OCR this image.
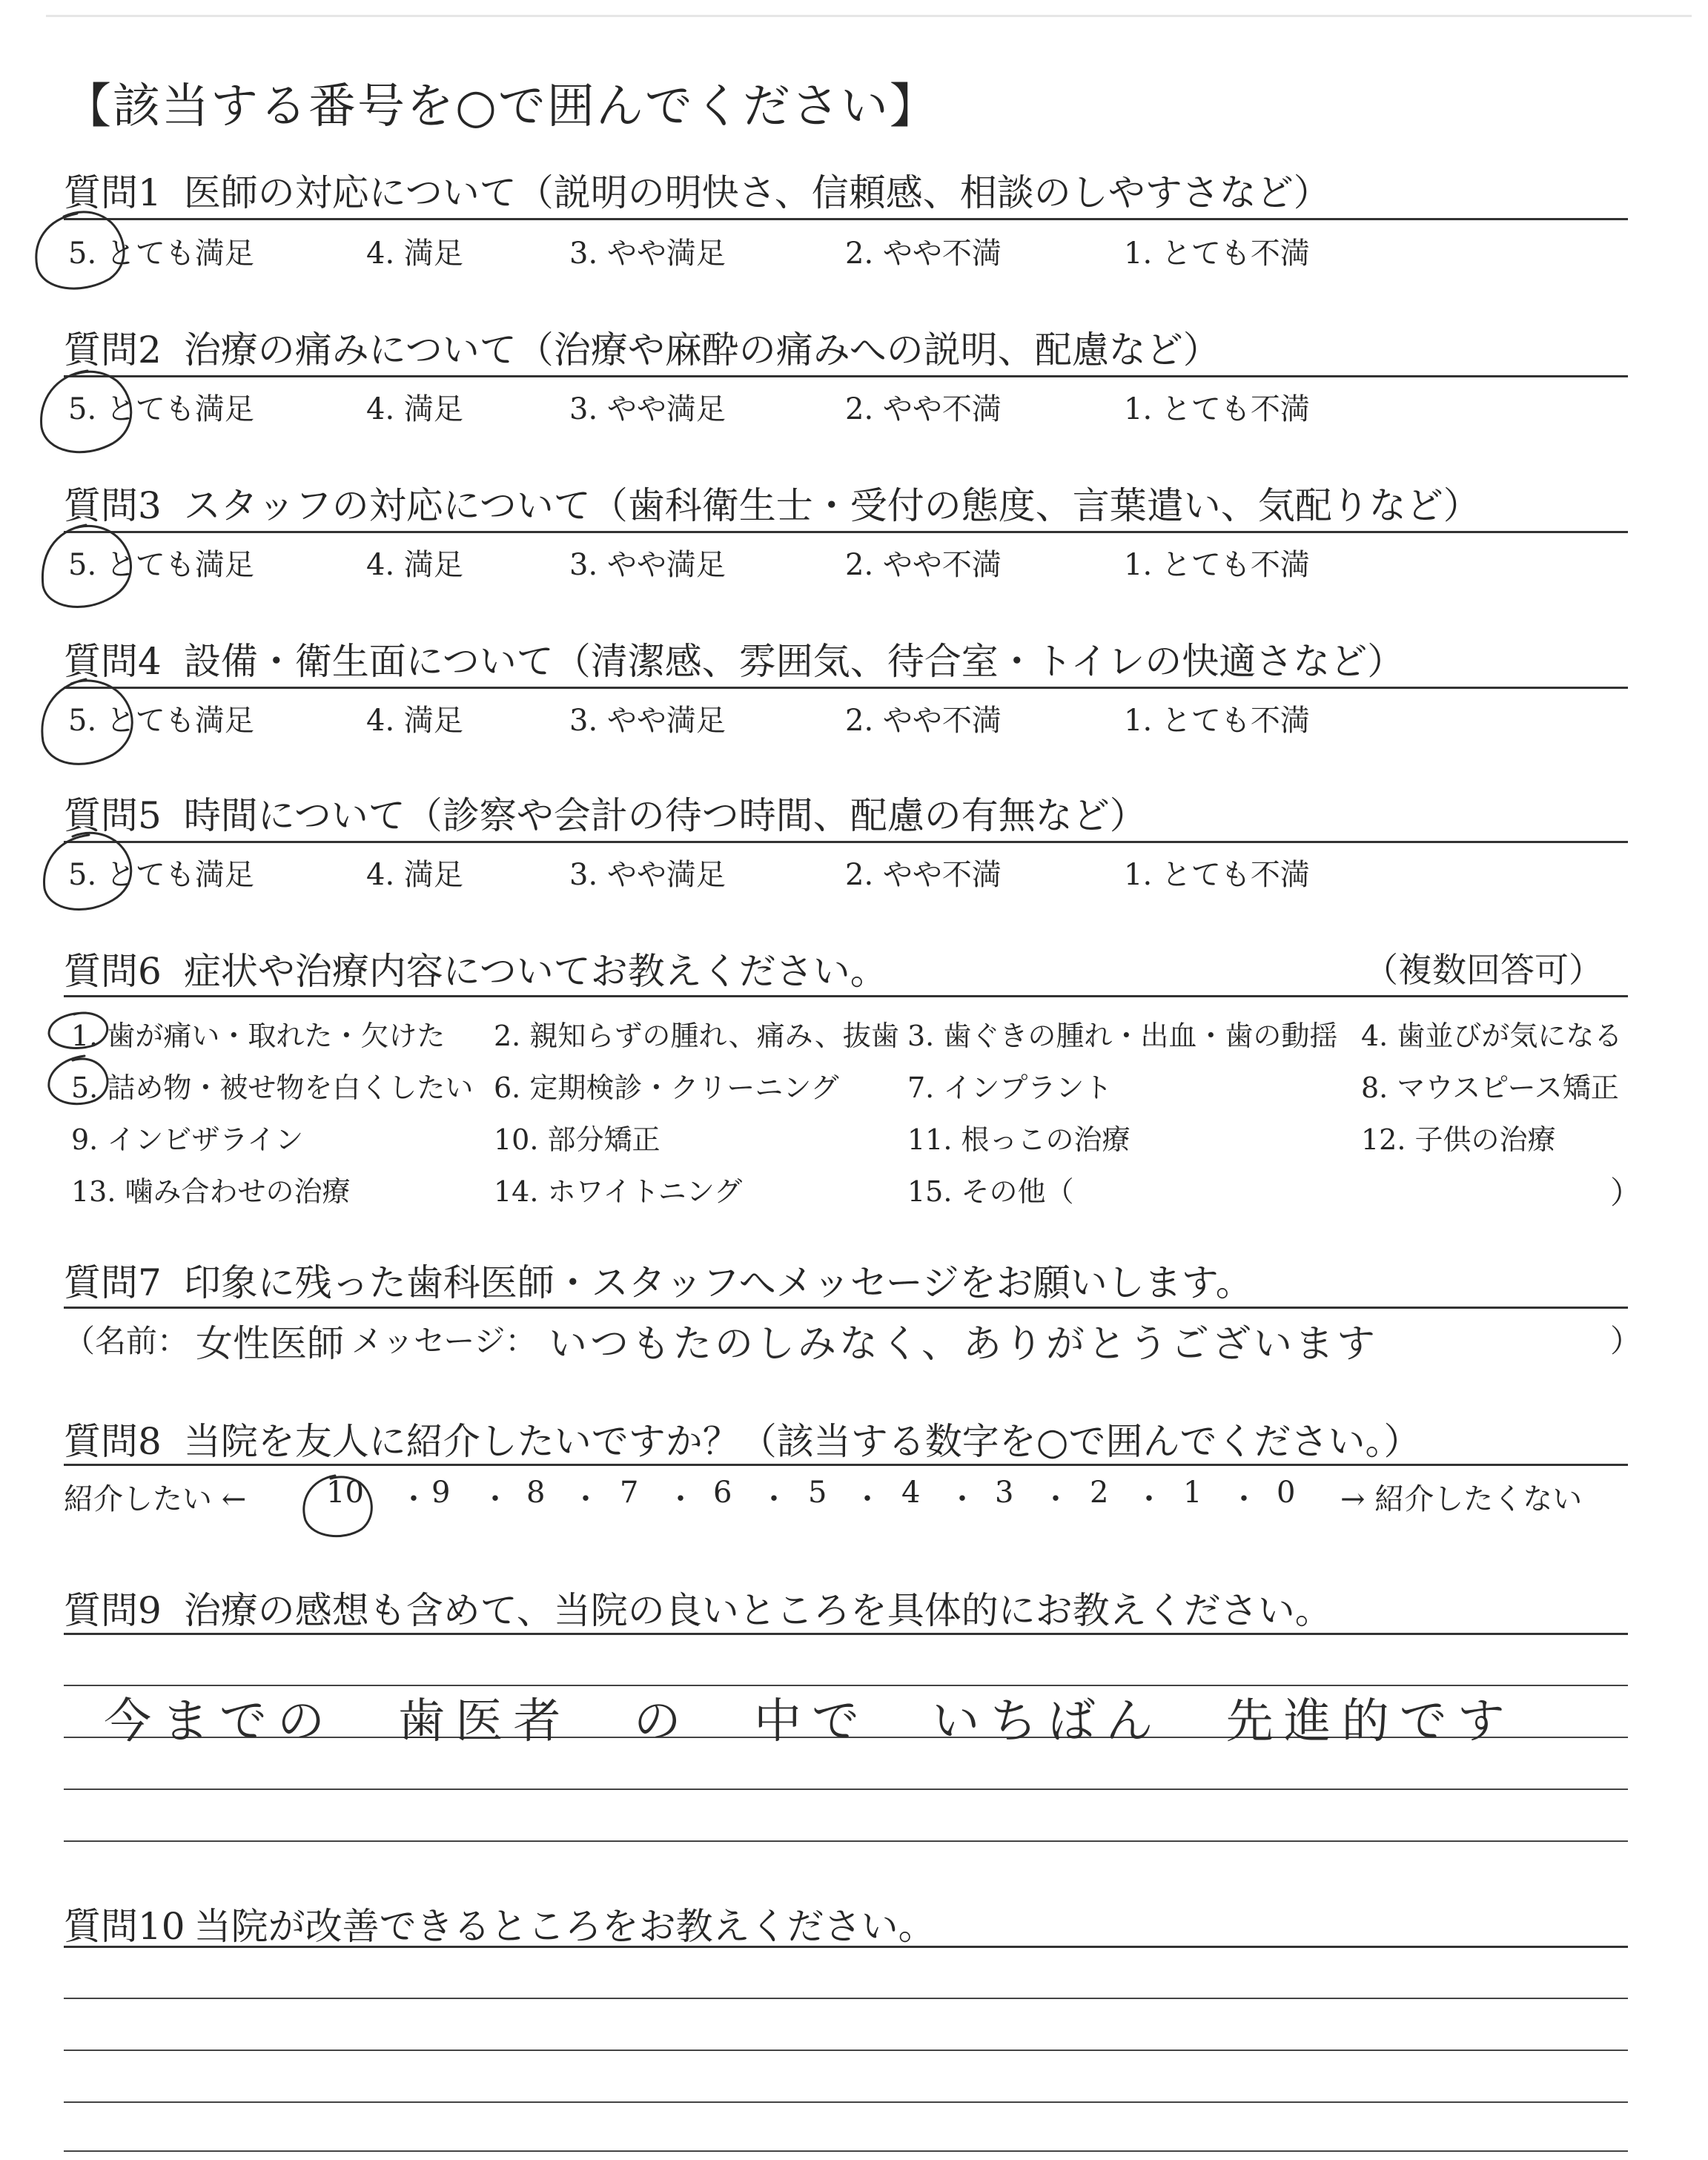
【該当する番号を○で囲んでください】
質問1 医師の対応について（説明の明快さ、信頼感、相談のしやすさなど）
5. とても満足	4. 満足	3. やや満足	2. やや不満	1. とても不満
質問2 治療の痛みについて（治療や麻酔の痛みへの説明、配慮など）
5. とても満足	4. 満足	3. やや満足	2. やや不満	1. とても不満
質問3 スタッフの対応について（歯科衛生士・受付の態度、言葉遣い、気配りなど）
5. とても満足	4. 満足	3. やや満足	2. やや不満	1. とても不満
質問4 設備・衛生面について（清潔感、雰囲気、待合室・トイレの快適さなど）
5. とても満足	4. 満足	3. やや満足	2. やや不満	1. とても不満
質問5 時間について（診察や会計の待つ時間、配慮の有無など）
5. とても満足	4. 満足	3. やや満足	2. やや不満	1. とても不満
質問6 症状や治療内容についてお教えください。	（複数回答可）
1. 歯が痛い・取れた・欠けた 2. 親知らずの腫れ、痛み、抜歯 3. 歯ぐきの腫れ・出血・歯の動揺 4. 歯並びが気になる
5. 詰め物・被せ物を白くしたい 6. 定期検診・クリーニング 7. インプラント	8. マウスピース矯正
9. インビザライン	10. 部分矯正	11. 根っこの治療	12. 子供の治療
13. 噛み合わせの治療	14. ホワイトニング	15. その他（	）
質問7 印象に残った歯科医師・スタッフへメッセージをお願いします。
（名前： 女性医師 メッセージ： いつもたのしみなく、ありがとうございます	）
質問8 当院を友人に紹介したいですか？（該当する数字を○で囲んでください。）
紹介したい ←	10 ・ 9 ・ 8 ・ 7 ・ 6 ・ 5 ・ 4 ・ 3 ・ 2 ・ 1 ・ 0 → 紹介したくない
質問9 治療の感想も含めて、当院の良いところを具体的にお教えください。
今までの 歯医者 の 中で いちばん 先進的です
質問10 当院が改善できるところをお教えください。
